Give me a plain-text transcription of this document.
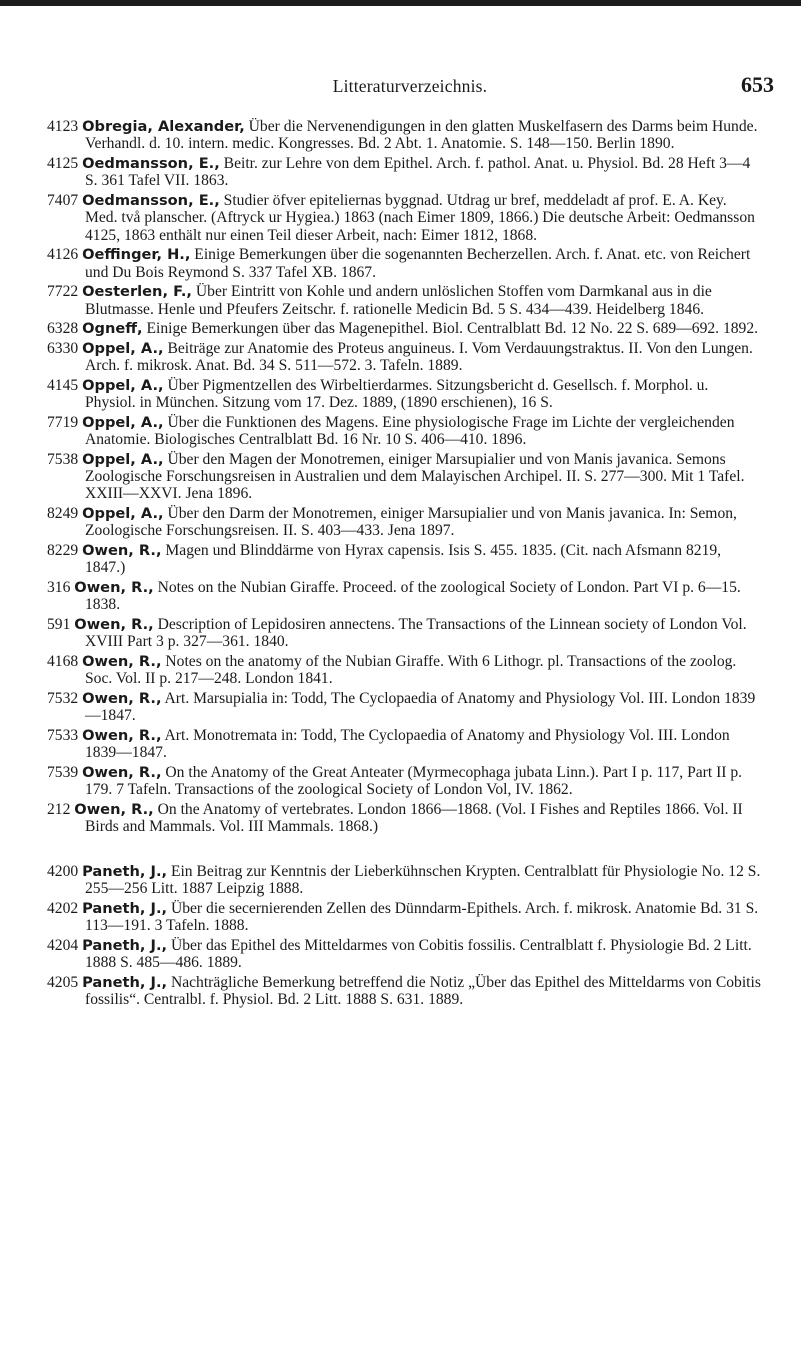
Litteraturverzeichnis.	653

4123 Obregia, Alexander, Über die Nervenendigungen in den glatten Muskelfasern des Darms beim Hunde. Verhandl. d. 10. intern. medic. Kongresses. Bd. 2 Abt. 1. Anatomie. S. 148—150. Berlin 1890.

4125 Oedmansson, E., Beitr. zur Lehre von dem Epithel. Arch. f. pathol. Anat. u. Physiol. Bd. 28 Heft 3—4 S. 361 Tafel VII. 1863.

7407 Oedmansson, E., Studier öfver epiteliernas byggnad. Utdrag ur bref, meddeladt af prof. E. A. Key. Med. två planscher. (Aftryck ur Hygiea.) 1863 (nach Eimer 1809, 1866.) Die deutsche Arbeit: Oedmansson 4125, 1863 enthält nur einen Teil dieser Arbeit, nach: Eimer 1812, 1868.

4126 Oeffinger, H., Einige Bemerkungen über die sogenannten Becherzellen. Arch. f. Anat. etc. von Reichert und Du Bois Reymond S. 337 Tafel XB. 1867.

7722 Oesterlen, F., Über Eintritt von Kohle und andern unlöslichen Stoffen vom Darmkanal aus in die Blutmasse. Henle und Pfeufers Zeitschr. f. rationelle Medicin Bd. 5 S. 434—439. Heidelberg 1846.

6328 Ogneff, Einige Bemerkungen über das Magenepithel. Biol. Centralblatt Bd. 12 No. 22 S. 689—692. 1892.

6330 Oppel, A., Beiträge zur Anatomie des Proteus anguineus. I. Vom Verdauungstraktus. II. Von den Lungen. Arch. f. mikrosk. Anat. Bd. 34 S. 511—572. 3. Tafeln. 1889.

4145 Oppel, A., Über Pigmentzellen des Wirbeltierdarmes. Sitzungsbericht d. Gesellsch. f. Morphol. u. Physiol. in München. Sitzung vom 17. Dez. 1889, (1890 erschienen), 16 S.

7719 Oppel, A., Über die Funktionen des Magens. Eine physiologische Frage im Lichte der vergleichenden Anatomie. Biologisches Centralblatt Bd. 16 Nr. 10 S. 406—410. 1896.

7538 Oppel, A., Über den Magen der Monotremen, einiger Marsupialier und von Manis javanica. Semons Zoologische Forschungsreisen in Australien und dem Malayischen Archipel. II. S. 277—300. Mit 1 Tafel. XXIII—XXVI. Jena 1896.

8249 Oppel, A., Über den Darm der Monotremen, einiger Marsupialier und von Manis javanica. In: Semon, Zoologische Forschungsreisen. II. S. 403—433. Jena 1897.

8229 Owen, R., Magen und Blinddärme von Hyrax capensis. Isis S. 455. 1835. (Cit. nach Afsmann 8219, 1847.)

316 Owen, R., Notes on the Nubian Giraffe. Proceed. of the zoological Society of London. Part VI p. 6—15. 1838.

591 Owen, R., Description of Lepidosiren annectens. The Transactions of the Linnean society of London Vol. XVIII Part 3 p. 327—361. 1840.

4168 Owen, R., Notes on the anatomy of the Nubian Giraffe. With 6 Lithogr. pl. Transactions of the zoolog. Soc. Vol. II p. 217—248. London 1841.

7532 Owen, R., Art. Marsupialia in: Todd, The Cyclopaedia of Anatomy and Physiology Vol. III. London 1839—1847.

7533 Owen, R., Art. Monotremata in: Todd, The Cyclopaedia of Anatomy and Physiology Vol. III. London 1839—1847.

7539 Owen, R., On the Anatomy of the Great Anteater (Myrmecophaga jubata Linn.). Part I p. 117, Part II p. 179. 7 Tafeln. Transactions of the zoological Society of London Vol, IV. 1862.

212 Owen, R., On the Anatomy of vertebrates. London 1866—1868. (Vol. I Fishes and Reptiles 1866. Vol. II Birds and Mammals. Vol. III Mammals. 1868.)

4200 Paneth, J., Ein Beitrag zur Kenntnis der Lieberkühnschen Krypten. Centralblatt für Physiologie No. 12 S. 255—256 Litt. 1887 Leipzig 1888.

4202 Paneth, J., Über die secernierenden Zellen des Dünndarm-Epithels. Arch. f. mikrosk. Anatomie Bd. 31 S. 113—191. 3 Tafeln. 1888.

4204 Paneth, J., Über das Epithel des Mitteldarmes von Cobitis fossilis. Centralblatt f. Physiologie Bd. 2 Litt. 1888 S. 485—486. 1889.

4205 Paneth, J., Nachträgliche Bemerkung betreffend die Notiz „Über das Epithel des Mitteldarms von Cobitis fossilis“. Centralbl. f. Physiol. Bd. 2 Litt. 1888 S. 631. 1889.
